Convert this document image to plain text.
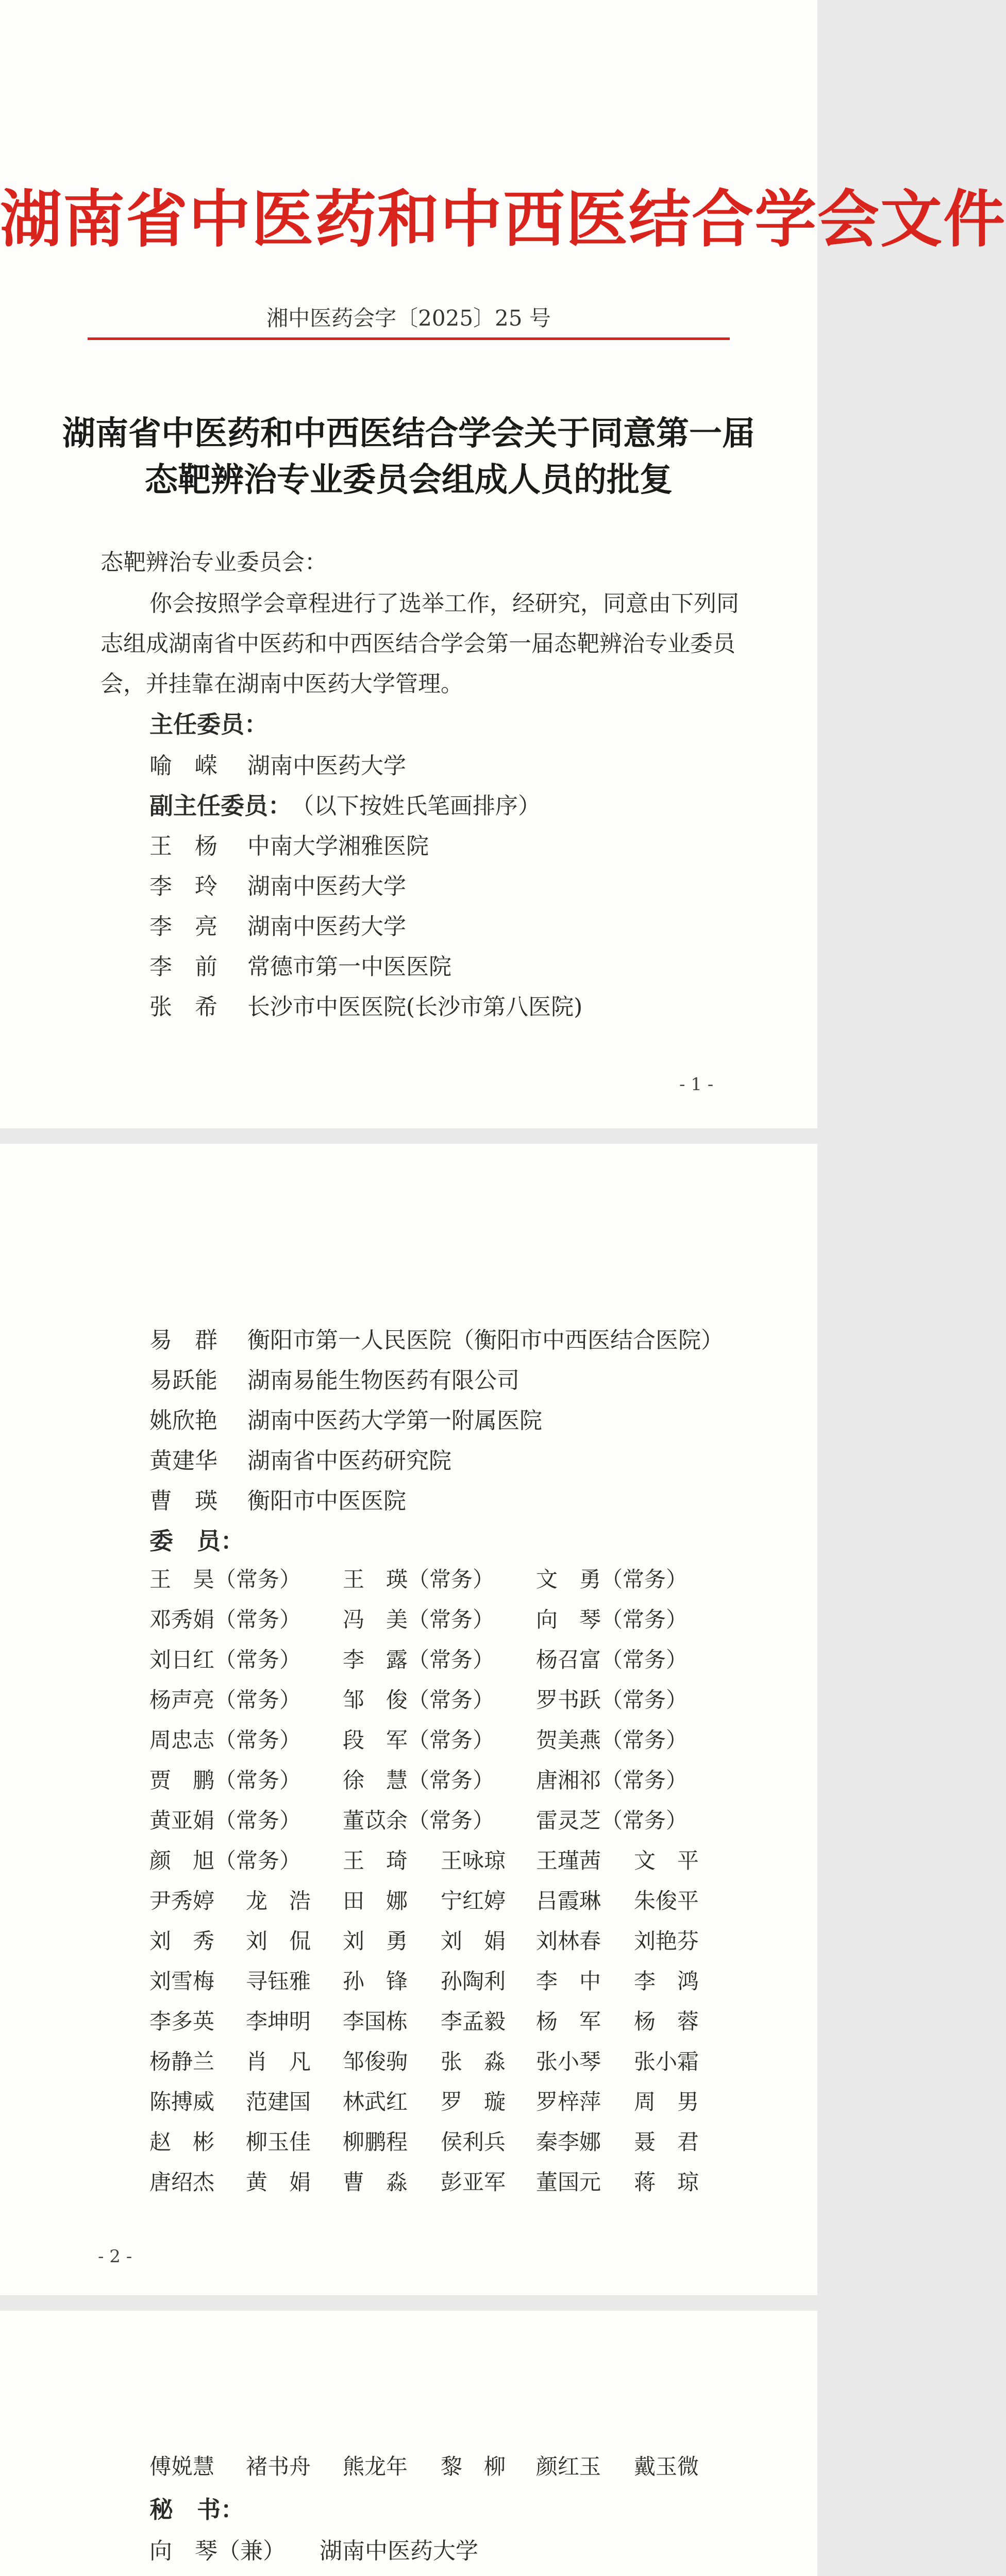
湖南省中医药和中西医结合学会文件
湘中医药会字〔2025〕25 号
湖南省中医药和中西医结合学会关于同意第一届
态靶辨治专业委员会组成人员的批复
态靶辨治专业委员会：
你会按照学会章程进行了选举工作，经研究，同意由下列同
志组成湖南省中医药和中西医结合学会第一届态靶辨治专业委员
会，并挂靠在湖南中医药大学管理。
主任委员：
喻　嵘 湖南中医药大学
副主任委员： （以下按姓氏笔画排序）
王　杨 中南大学湘雅医院
李　玲 湖南中医药大学
李　亮 湖南中医药大学
李　前 常德市第一中医医院
张　希 长沙市中医医院(长沙市第八医院)
- 1 -
易　群 衡阳市第一人民医院（衡阳市中西医结合医院）
易跃能 湖南易能生物医药有限公司
姚欣艳 湖南中医药大学第一附属医院
黄建华 湖南省中医药研究院
曹　瑛 衡阳市中医医院
委　员：
王　昊（常务） 王　瑛（常务） 文　勇（常务）
邓秀娟（常务） 冯　美（常务） 向　琴（常务）
刘日红（常务） 李　露（常务） 杨召富（常务）
杨声亮（常务） 邹　俊（常务） 罗书跃（常务）
周忠志（常务） 段　军（常务） 贺美燕（常务）
贾　鹏（常务） 徐　慧（常务） 唐湘祁（常务）
黄亚娟（常务） 董苡余（常务） 雷灵芝（常务）
颜　旭（常务） 王　琦 王咏琼 王瑾茜 文　平
尹秀婷 龙　浩 田　娜 宁红婷 吕霞琳 朱俊平
刘　秀 刘　侃 刘　勇 刘　娟 刘林春 刘艳芬
刘雪梅 寻钰雅 孙　锋 孙陶利 李　中 李　鸿
李多英 李坤明 李国栋 李孟毅 杨　军 杨　蓉
杨静兰 肖　凡 邹俊驹 张　淼 张小琴 张小霜
陈搏威 范建国 林武红 罗　璇 罗梓萍 周　男
赵　彬 柳玉佳 柳鹏程 侯利兵 秦李娜 聂　君
唐绍杰 黄　娟 曹　淼 彭亚军 董国元 蒋　琼
- 2 -
傅娧慧 褚书舟 熊龙年 黎　柳 颜红玉 戴玉微
秘　书：
向　琴（兼） 湖南中医药大学
